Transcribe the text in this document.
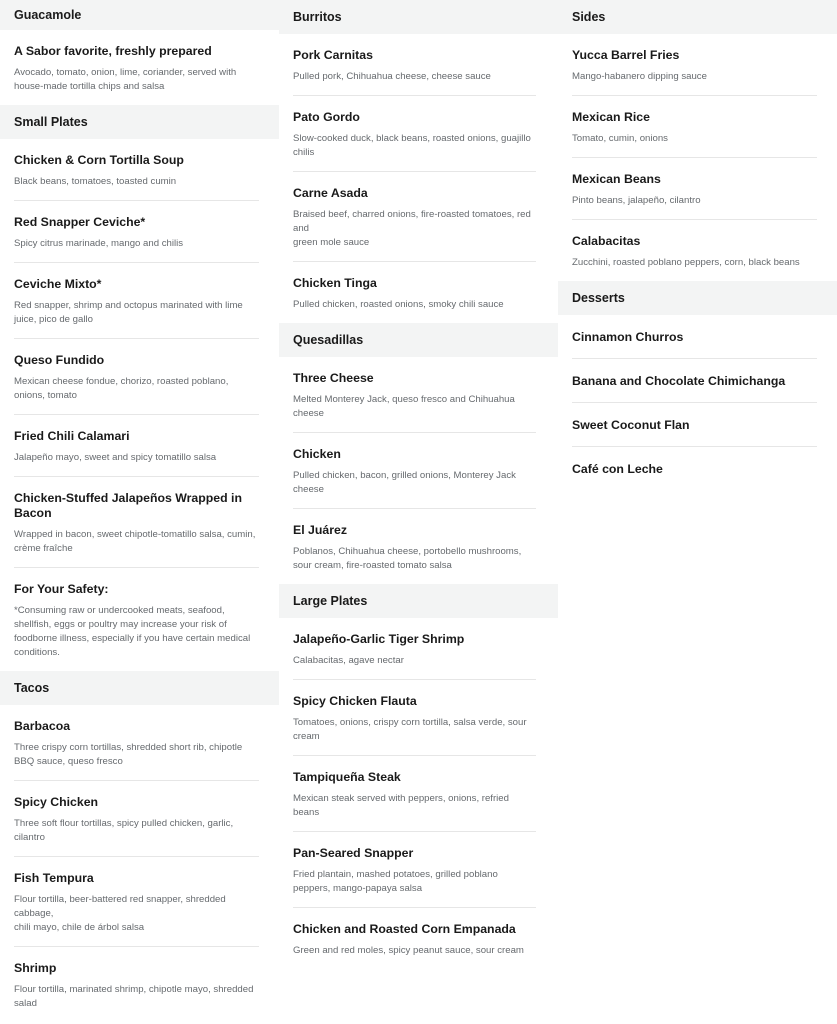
Guacamole
A Sabor favorite, freshly prepared
Avocado, tomato, onion, lime, coriander, served with house-made tortilla chips and salsa
Small Plates
Chicken & Corn Tortilla Soup
Black beans, tomatoes, toasted cumin
Red Snapper Ceviche*
Spicy citrus marinade, mango and chilis
Ceviche Mixto*
Red snapper, shrimp and octopus marinated with lime juice, pico de gallo
Queso Fundido
Mexican cheese fondue, chorizo, roasted poblano, onions, tomato
Fried Chili Calamari
Jalapeño mayo, sweet and spicy tomatillo salsa
Chicken-Stuffed Jalapeños Wrapped in Bacon
Wrapped in bacon, sweet chipotle-tomatillo salsa, cumin,
crème fraîche
For Your Safety:
*Consuming raw or undercooked meats, seafood, shellfish, eggs or poultry may increase your risk of foodborne illness, especially if you have certain medical conditions.
Tacos
Barbacoa
Three crispy corn tortillas, shredded short rib, chipotle BBQ sauce, queso fresco
Spicy Chicken
Three soft flour tortillas, spicy pulled chicken, garlic, cilantro
Fish Tempura
Flour tortilla, beer-battered red snapper, shredded cabbage,
chili mayo, chile de árbol salsa
Shrimp
Flour tortilla, marinated shrimp, chipotle mayo, shredded salad
Burritos
Pork Carnitas
Pulled pork, Chihuahua cheese, cheese sauce
Pato Gordo
Slow-cooked duck, black beans, roasted onions, guajillo chilis
Carne Asada
Braised beef, charred onions, fire-roasted tomatoes, red and
green mole sauce
Chicken Tinga
Pulled chicken, roasted onions, smoky chili sauce
Quesadillas
Three Cheese
Melted Monterey Jack, queso fresco and Chihuahua cheese
Chicken
Pulled chicken, bacon, grilled onions, Monterey Jack cheese
El Juárez
Poblanos, Chihuahua cheese, portobello mushrooms, sour cream, fire-roasted tomato salsa
Large Plates
Jalapeño-Garlic Tiger Shrimp
Calabacitas, agave nectar
Spicy Chicken Flauta
Tomatoes, onions, crispy corn tortilla, salsa verde, sour cream
Tampiqueña Steak
Mexican steak served with peppers, onions, refried beans
Pan-Seared Snapper
Fried plantain, mashed potatoes, grilled poblano peppers, mango-papaya salsa
Chicken and Roasted Corn Empanada
Green and red moles, spicy peanut sauce, sour cream
Sides
Yucca Barrel Fries
Mango-habanero dipping sauce
Mexican Rice
Tomato, cumin, onions
Mexican Beans
Pinto beans, jalapeño, cilantro
Calabacitas
Zucchini, roasted poblano peppers, corn, black beans
Desserts
Cinnamon Churros
Banana and Chocolate Chimichanga
Sweet Coconut Flan
Café con Leche
